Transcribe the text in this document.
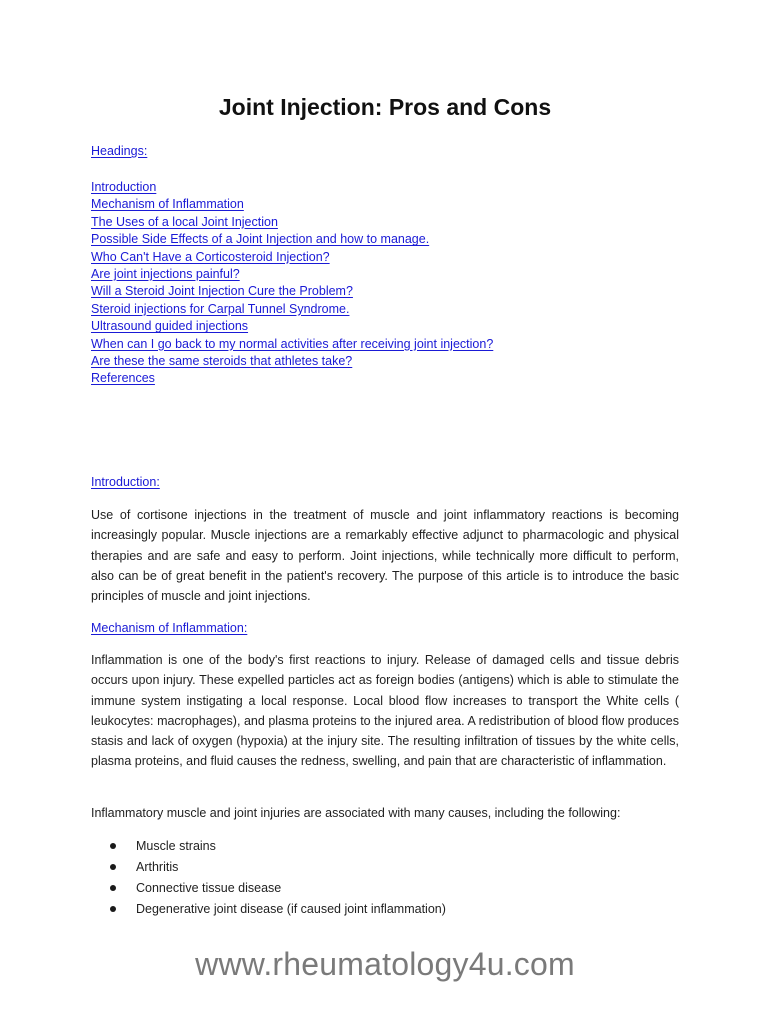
Joint Injection: Pros and Cons
Headings:
Introduction
Mechanism of Inflammation
The Uses of a local Joint Injection
Possible Side Effects of a Joint Injection and how to manage.
Who Can't Have a Corticosteroid Injection?
Are joint injections painful?
Will a Steroid Joint Injection Cure the Problem?
Steroid injections for Carpal Tunnel Syndrome.
Ultrasound guided injections
When can I go back to my normal activities after receiving joint injection?
Are these the same steroids that athletes take?
References
Introduction:

Use of cortisone injections in the treatment of muscle and joint inflammatory reactions is becoming increasingly popular. Muscle injections are a remarkably effective adjunct to pharmacologic and physical therapies and are safe and easy to perform. Joint injections, while technically more difficult to perform, also can be of great benefit in the patient's recovery. The purpose of this article is to introduce the basic principles of muscle and joint injections.

Mechanism of Inflammation:

Inflammation is one of the body's first reactions to injury. Release of damaged cells and tissue debris occurs upon injury. These expelled particles act as foreign bodies (antigens) which is able to stimulate the immune system instigating a local response. Local blood flow increases to transport the White cells ( leukocytes: macrophages), and plasma proteins to the injured area. A redistribution of blood flow produces stasis and lack of oxygen (hypoxia) at the injury site. The resulting infiltration of tissues by the white cells, plasma proteins, and fluid causes the redness, swelling, and pain that are characteristic of inflammation.

Inflammatory muscle and joint injuries are associated with many causes, including the following:

Muscle strains
Arthritis
Connective tissue disease
Degenerative joint disease (if caused joint inflammation)
www.rheumatology4u.com
